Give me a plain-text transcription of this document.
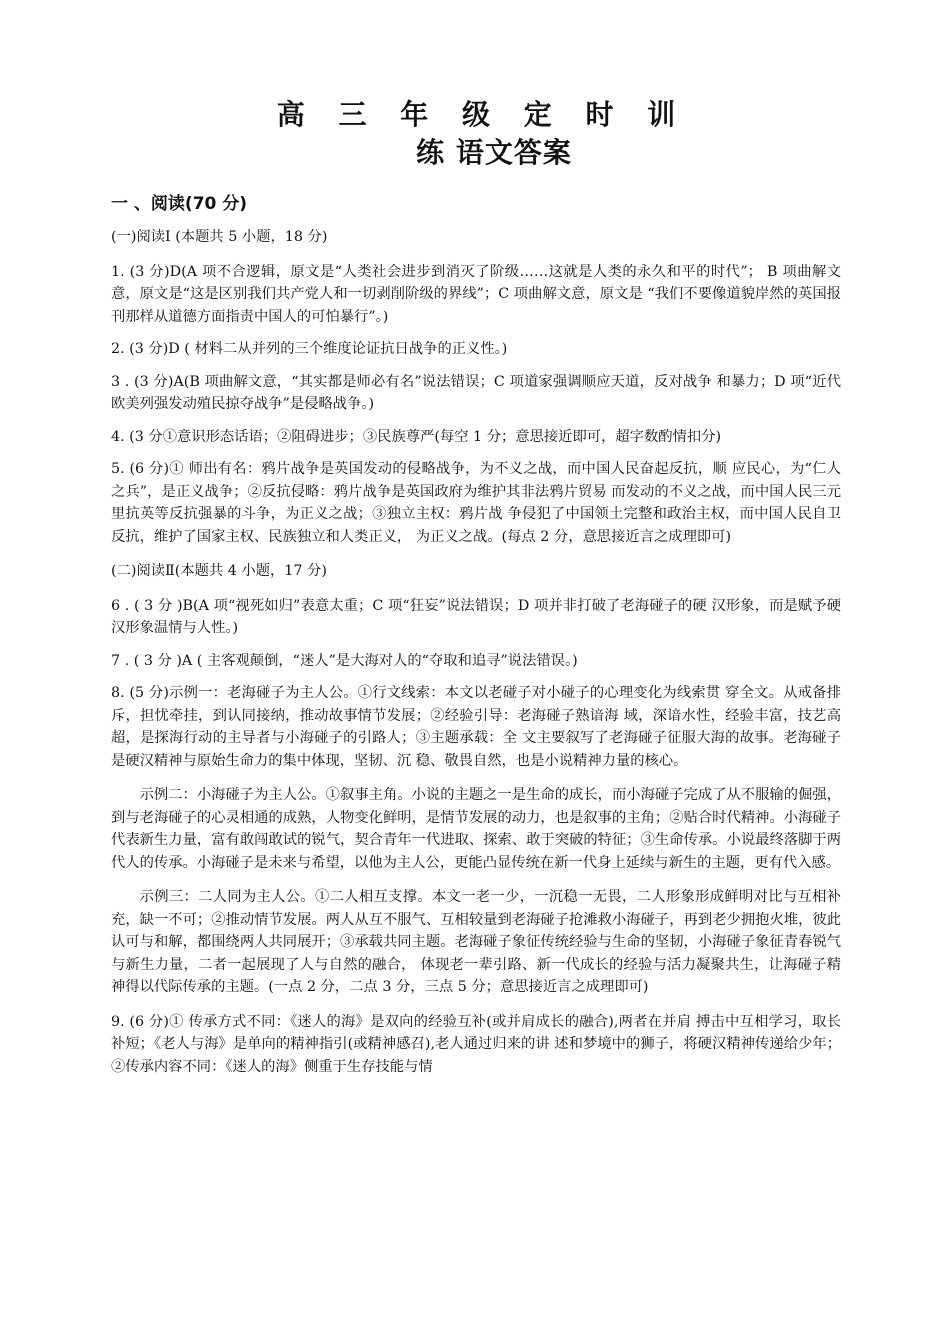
高 三 年 级 定 时 训
练 语文答案
一 、阅读(70 分)

(一)阅读Ⅰ (本题共 5 小题，18 分)

1. (3 分)D(A 项不合逻辑，原文是“人类社会进步到消灭了阶级……这就是人类的永久和平的时代”； B 项曲解文意，原文是“这是区别我们共产党人和一切剥削阶级的界线”；C 项曲解文意，原文是 “我们不要像道貌岸然的英国报刊那样从道德方面指责中国人的可怕暴行”。)

2. (3 分)D ( 材料二从并列的三个维度论证抗日战争的正义性。)

3 . (3 分)A(B 项曲解文意，“其实都是师必有名”说法错误；C 项道家强调顺应天道，反对战争 和暴力；D 项“近代欧美列强发动殖民掠夺战争”是侵略战争。)

4. (3 分①意识形态话语；②阻碍进步；③民族尊严(每空 1 分；意思接近即可，超字数酌情扣分)

5. (6 分)① 师出有名：鸦片战争是英国发动的侵略战争，为不义之战，而中国人民奋起反抗，顺 应民心，为“仁人之兵”，是正义战争；②反抗侵略：鸦片战争是英国政府为维护其非法鸦片贸易 而发动的不义之战，而中国人民三元里抗英等反抗强暴的斗争，为正义之战；③独立主权：鸦片战 争侵犯了中国领土完整和政治主权，而中国人民自卫反抗，维护了国家主权、民族独立和人类正义， 为正义之战。(每点 2 分，意思接近言之成理即可)

(二)阅读Ⅱ(本题共 4 小题，17 分)

6 . ( 3 分 )B(A 项“视死如归”表意太重；C 项“狂妄”说法错误；D 项并非打破了老海碰子的硬 汉形象，而是赋予硬汉形象温情与人性。)

7 . ( 3 分 )A ( 主客观颠倒，“迷人”是大海对人的“夺取和追寻”说法错误。)

8. (5 分)示例一：老海碰子为主人公。①行文线索：本文以老碰子对小碰子的心理变化为线索贯 穿全文。从戒备排斥，担忧牵挂，到认同接纳，推动故事情节发展；②经验引导：老海碰子熟谙海 域，深谙水性，经验丰富，技艺高超，是探海行动的主导者与小海碰子的引路人；③主题承载：全 文主要叙写了老海碰子征服大海的故事。老海碰子是硬汉精神与原始生命力的集中体现，坚韧、沉 稳、敬畏自然，也是小说精神力量的核心。

示例二：小海碰子为主人公。①叙事主角。小说的主题之一是生命的成长，而小海碰子完成了从不服输的倔强，到与老海碰子的心灵相通的成熟，人物变化鲜明，是情节发展的动力，也是叙事的主角；②贴合时代精神。小海碰子代表新生力量，富有敢闯敢试的锐气，契合青年一代进取、探索、敢于突破的特征；③生命传承。小说最终落脚于两代人的传承。小海碰子是未来与希望，以他为主人公，更能凸显传统在新一代身上延续与新生的主题，更有代入感。

示例三：二人同为主人公。①二人相互支撑。本文一老一少，一沉稳一无畏，二人形象形成鲜明对比与互相补充，缺一不可；②推动情节发展。两人从互不服气、互相较量到老海碰子抢滩救小海碰子，再到老少拥抱火堆，彼此认可与和解，都围绕两人共同展开；③承载共同主题。老海碰子象征传统经验与生命的坚韧，小海碰子象征青春锐气与新生力量，二者一起展现了人与自然的融合， 体现老一辈引路、新一代成长的经验与活力凝聚共生，让海碰子精神得以代际传承的主题。(一点 2 分，二点 3 分，三点 5 分；意思接近言之成理即可)

9. (6 分)① 传承方式不同：《迷人的海》是双向的经验互补(或并肩成长的融合),两者在并肩 搏击中互相学习，取长补短；《老人与海》是单向的精神指引(或精神感召),老人通过归来的讲 述和梦境中的狮子，将硬汉精神传递给少年；②传承内容不同：《迷人的海》侧重于生存技能与情
